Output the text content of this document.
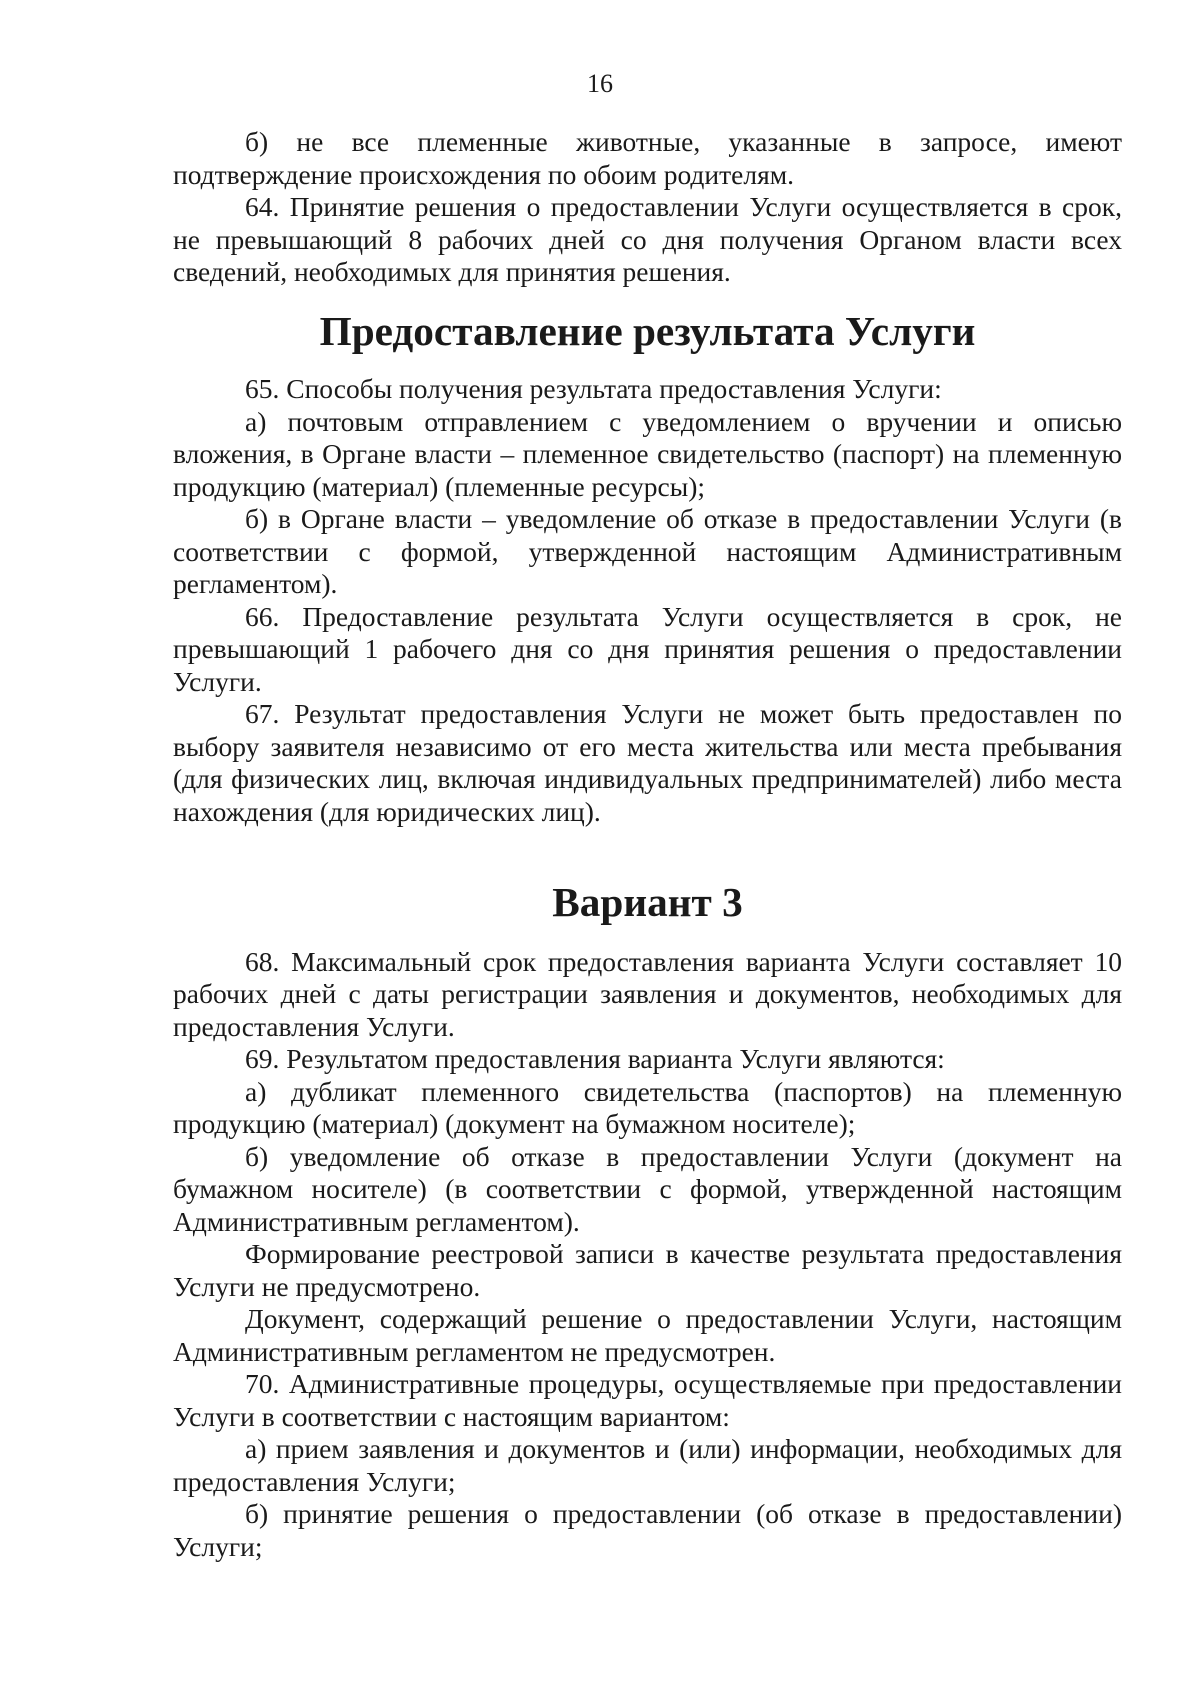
16

б) не все племенные животные, указанные в запросе, имеют подтверждение происхождения по обоим родителям.

64. Принятие решения о предоставлении Услуги осуществляется в срок, не превышающий 8 рабочих дней со дня получения Органом власти всех сведений, необходимых для принятия решения.

Предоставление результата Услуги

65. Способы получения результата предоставления Услуги:

а) почтовым отправлением с уведомлением о вручении и описью вложения, в Органе власти – племенное свидетельство (паспорт) на племенную продукцию (материал) (племенные ресурсы);

б) в Органе власти – уведомление об отказе в предоставлении Услуги (в соответствии с формой, утвержденной настоящим Административным регламентом).

66. Предоставление результата Услуги осуществляется в срок, не превышающий 1 рабочего дня со дня принятия решения о предоставлении Услуги.

67. Результат предоставления Услуги не может быть предоставлен по выбору заявителя независимо от его места жительства или места пребывания (для физических лиц, включая индивидуальных предпринимателей) либо места нахождения (для юридических лиц).

Вариант 3

68. Максимальный срок предоставления варианта Услуги составляет 10 рабочих дней с даты регистрации заявления и документов, необходимых для предоставления Услуги.

69. Результатом предоставления варианта Услуги являются:

а) дубликат племенного свидетельства (паспортов) на племенную продукцию (материал) (документ на бумажном носителе);

б) уведомление об отказе в предоставлении Услуги (документ на бумажном носителе) (в соответствии с формой, утвержденной настоящим Административным регламентом).

Формирование реестровой записи в качестве результата предоставления Услуги не предусмотрено.

Документ, содержащий решение о предоставлении Услуги, настоящим Административным регламентом не предусмотрен.

70. Административные процедуры, осуществляемые при предоставлении Услуги в соответствии с настоящим вариантом:

а) прием заявления и документов и (или) информации, необходимых для предоставления Услуги;

б) принятие решения о предоставлении (об отказе в предоставлении) Услуги;
